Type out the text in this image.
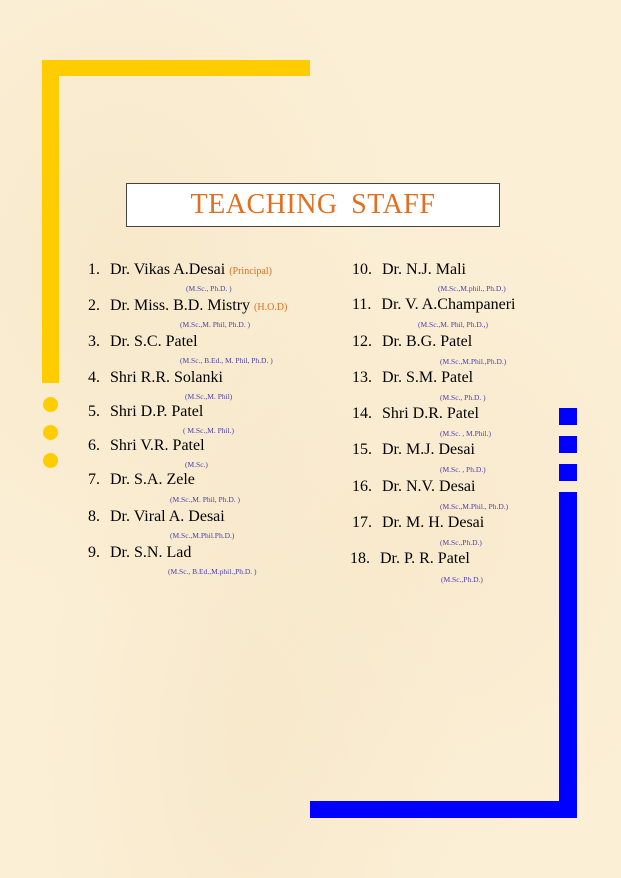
TEACHING STAFF
1. Dr. Vikas A.Desai (Principal)
(M.Sc., Ph.D. )
2. Dr. Miss. B.D. Mistry (H.O.D)
(M.Sc.,M. Phil, Ph.D. )
3. Dr. S.C. Patel
(M.Sc., B.Ed., M. Phil, Ph.D. )
4. Shri R.R. Solanki
(M.Sc.,M. Phil)
5. Shri D.P. Patel
( M.Sc.,M. Phil.)
6. Shri V.R. Patel
(M.Sc.)
7. Dr. S.A. Zele
(M.Sc.,M. Phil, Ph.D. )
8. Dr. Viral A. Desai
(M.Sc.,M.Phil.Ph.D.)
9. Dr. S.N. Lad
(M.Sc., B.Ed.,M.phil.,Ph.D. )
10. Dr. N.J. Mali
(M.Sc.,M.phil., Ph.D.)
11. Dr. V. A.Champaneri
(M.Sc.,M. Phil, Ph.D.,)
12. Dr. B.G. Patel
(M.Sc.,M.Phil.,Ph.D.)
13. Dr. S.M. Patel
(M.Sc., Ph.D. )
14. Shri D.R. Patel
(M.Sc. , M.Phil.)
15. Dr. M.J. Desai
(M.Sc. , Ph.D.)
16. Dr. N.V. Desai
(M.Sc.,M.Phil., Ph.D.)
17. Dr. M. H. Desai
(M.Sc.,Ph.D.)
18. Dr. P. R. Patel
(M.Sc.,Ph.D.)
